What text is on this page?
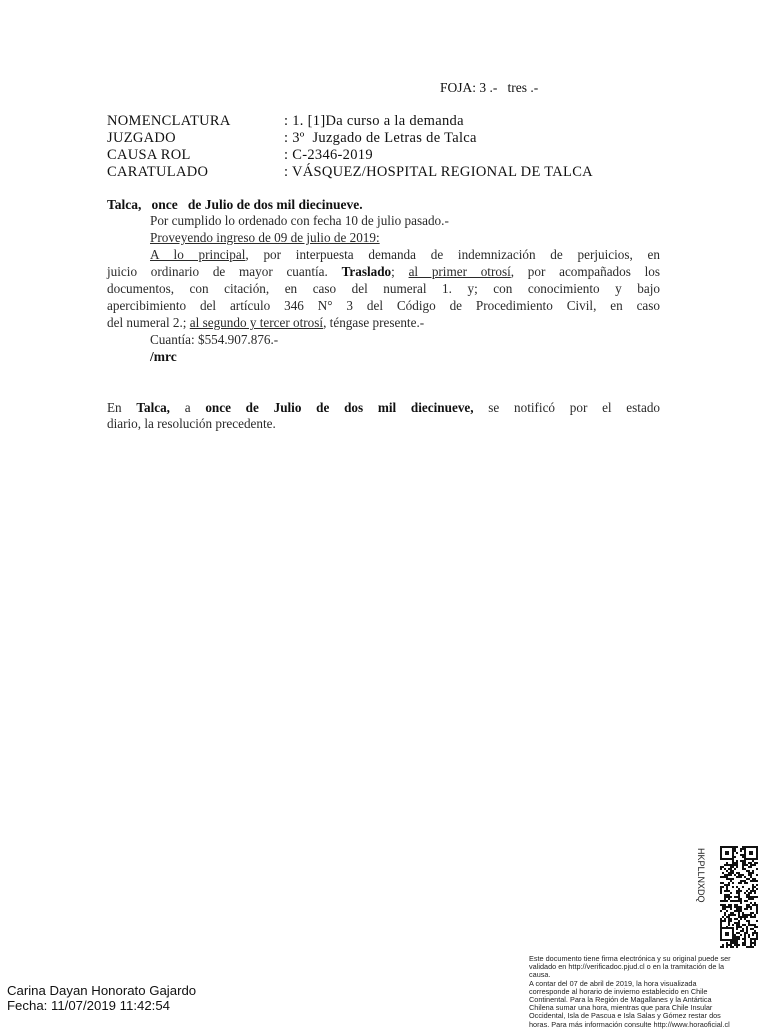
FOJA: 3 .-   tres .-
NOMENCLATURA	: 1. [1]Da curso a la demanda
JUZGADO	: 3º  Juzgado de Letras de Talca
CAUSA ROL	: C-2346-2019
CARATULADO	: VÁSQUEZ/HOSPITAL REGIONAL DE TALCA
Talca,   once   de Julio de dos mil diecinueve.
Por cumplido lo ordenado con fecha 10 de julio pasado.-
Proveyendo ingreso de 09 de julio de 2019:
A lo principal, por interpuesta demanda de indemnización de perjuicios, en
juicio ordinario de mayor cuantía. Traslado; al primer otrosí, por acompañados los
documentos, con citación, en caso del numeral 1. y; con conocimiento y bajo
apercibimiento del artículo 346 N° 3 del Código de Procedimiento Civil, en caso
del numeral 2.; al segundo y tercer otrosí, téngase presente.-
Cuantía: $554.907.876.-
/mrc
En Talca, a once de Julio de dos mil diecinueve, se notificó por el estado
diario, la resolución precedente.
HKPLLNXDQ
Este documento tiene firma electrónica y su original puede ser
validado en http://verificadoc.pjud.cl o en la tramitación de la
causa.
A contar del 07 de abril de 2019, la hora visualizada
corresponde al horario de invierno establecido en Chile
Continental. Para la Región de Magallanes y la Antártica
Chilena sumar una hora, mientras que para Chile Insular
Occidental, Isla de Pascua e Isla Salas y Gómez restar dos
horas. Para más información consulte http://www.horaoficial.cl
Carina Dayan Honorato Gajardo
Fecha: 11/07/2019 11:42:54
